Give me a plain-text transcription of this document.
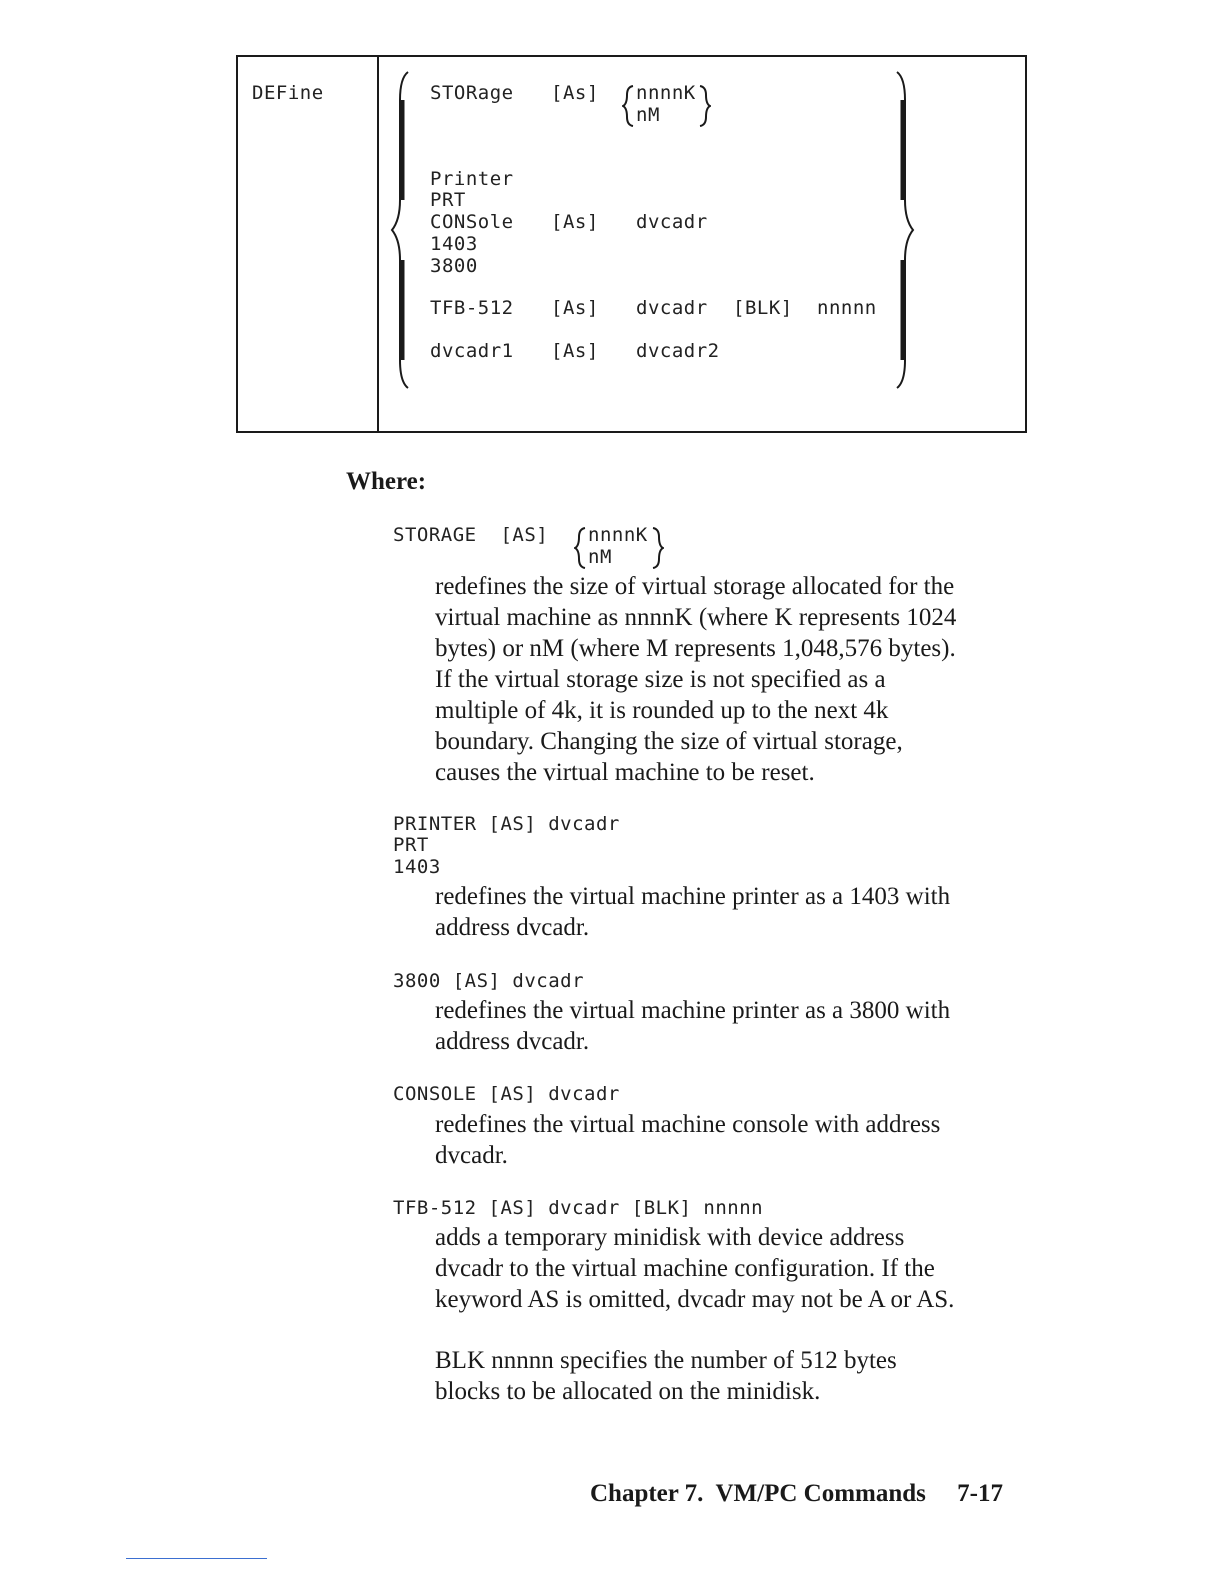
DEFine	STORage [As] nnnnK
nM
Printer
PRT
CONSole
1403
3800
[As] dvcadr
TFB-512 [As] dvcadr [BLK] nnnnn
dvcadr1 [As] dvcadr2
Where:
STORAGE  [AS] nnnnK
nM
redefines the size of virtual storage allocated for the
virtual machine as nnnnK (where K represents 1024
bytes) or nM (where M represents 1,048,576 bytes).
If the virtual storage size is not specified as a
multiple of 4k, it is rounded up to the next 4k
boundary. Changing the size of virtual storage,
causes the virtual machine to be reset.
PRINTER [AS] dvcadr
PRT
1403
redefines the virtual machine printer as a 1403 with
address dvcadr.
3800 [AS] dvcadr
redefines the virtual machine printer as a 3800 with
address dvcadr.
CONSOLE [AS] dvcadr
redefines the virtual machine console with address
dvcadr.
TFB-512 [AS] dvcadr [BLK] nnnnn
adds a temporary minidisk with device address
dvcadr to the virtual machine configuration. If the
keyword AS is omitted, dvcadr may not be A or AS.
BLK nnnnn specifies the number of 512 bytes
blocks to be allocated on the minidisk.
Chapter 7.  VM/PC Commands 7-17
